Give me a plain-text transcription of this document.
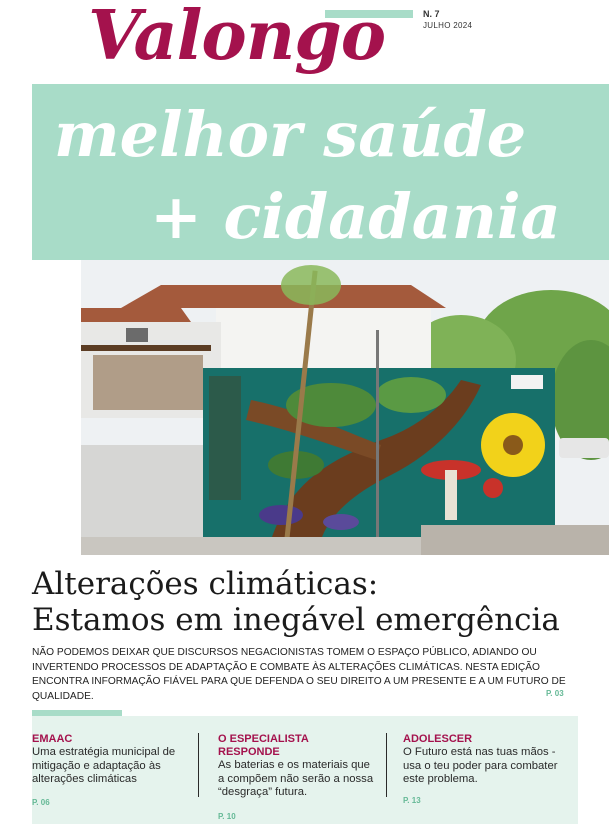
N. 7
JULHO 2024
Valongo
melhor saúde
+ cidadania
Alterações climáticas:
Estamos em inegável emergência
NÃO PODEMOS DEIXAR QUE DISCURSOS NEGACIONISTAS TOMEM O ESPAÇO PÚBLICO, ADIANDO OU INVERTENDO PROCESSOS DE ADAPTAÇÃO E COMBATE ÀS ALTERAÇÕES CLIMÁTICAS. NESTA EDIÇÃO ENCONTRA INFORMAÇÃO FIÁVEL PARA QUE DEFENDA O SEU DIREITO A UM PRESENTE E A UM FUTURO DE QUALIDADE.	P. 03
EMAAC
Uma estratégia municipal de mitigação e adaptação às alterações climáticas
P. 06
O ESPECIALISTA
RESPONDE
As baterias e os materiais que a compõem não serão a nossa “desgraça” futura.
P. 10
ADOLESCER
O Futuro está nas tuas mãos - usa o teu poder para combater este problema.
P. 13
